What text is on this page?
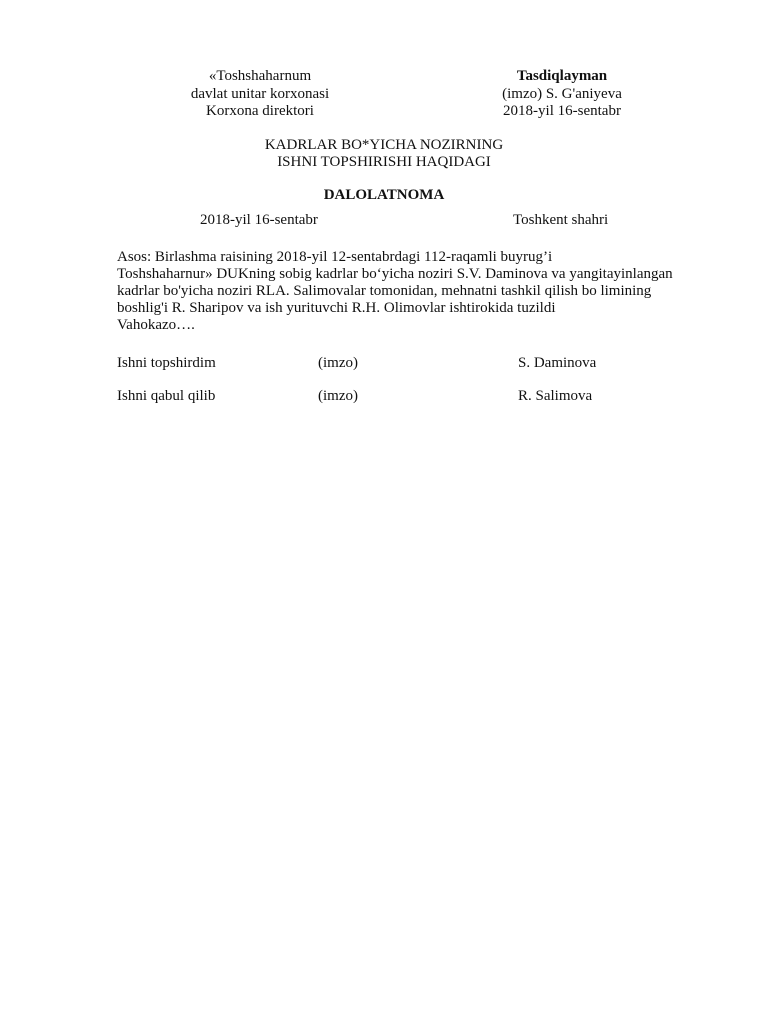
«Toshshaharnum
davlat unitar korxonasi
Korxona direktori
Tasdiqlayman
(imzo) S. G'aniyeva
2018-yil 16-sentabr
KADRLAR BO*YICHA NOZIRNING
ISHNI TOPSHIRISHI HAQIDAGI
DALOLATNOMA
2018-yil 16-sentabr	Toshkent shahri
Asos: Birlashma raisining 2018-yil 12-sentabrdagi 112-raqamli buyrug’i
Toshshaharnur» DUKning sobig kadrlar bo‘yicha noziri S.V. Daminova va yangitayinlangan
kadrlar bo'yicha noziri RLA. Salimovalar tomonidan, mehnatni tashkil qilish bo limining
boshlig'i R. Sharipov va ish yurituvchi R.H. Olimovlar ishtirokida tuzildi
Vahokazo….
Ishni topshirdim	(imzo)	S. Daminova
Ishni qabul qilib	(imzo)	R. Salimova
